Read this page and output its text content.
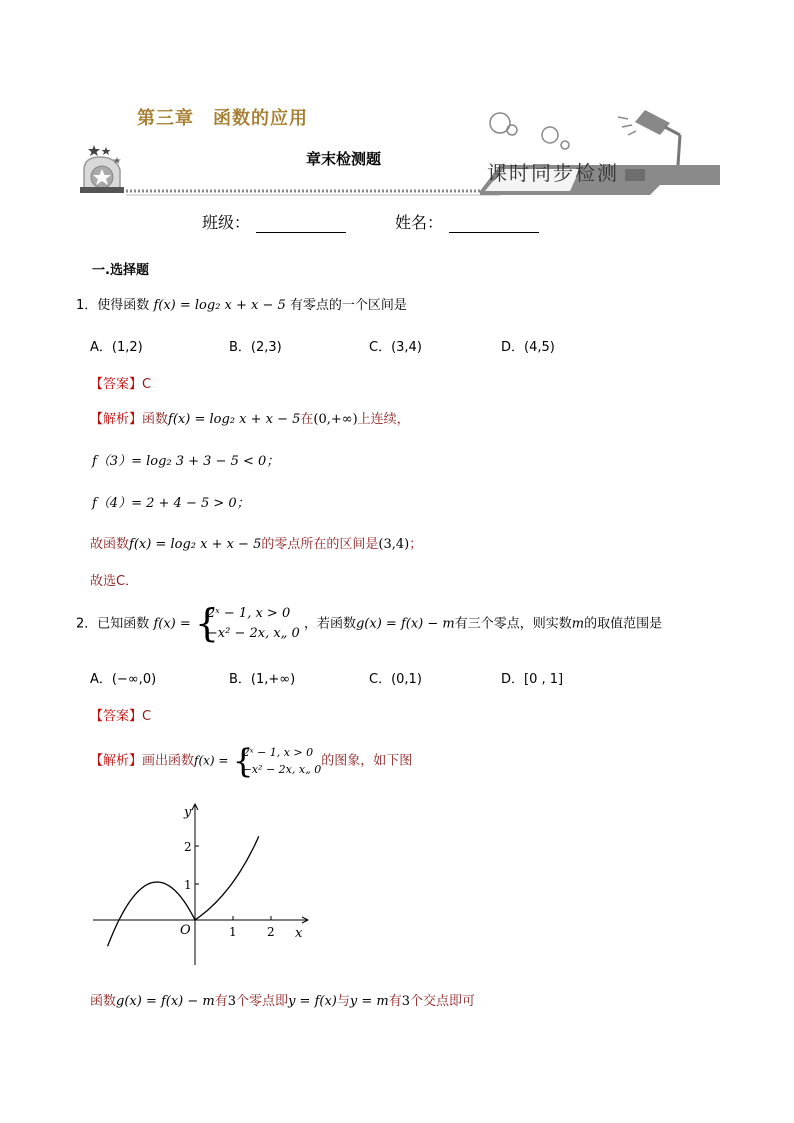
第三章　函数的应用
章末检测题
课时同步检测
班级：	姓名：
一.选择题
1．使得函数 f(x) = log₂ x + x − 5 有零点的一个区间是
A．(1,2)	B．(2,3)	C．(3,4)	D．(4,5)
【答案】C
【解析】函数f(x) = log₂ x + x − 5在(0,+∞)上连续，
f（3）= log₂ 3 + 3 − 5 < 0；
f（4）= 2 + 4 − 5 > 0；
故函数f(x) = log₂ x + x − 5的零点所在的区间是(3,4)；
故选C．
2．已知函数 f(x) = {
2ˣ − 1, x > 0
−x² − 2x, x„ 0
，若函数g(x) = f(x) − m有三个零点，则实数m的取值范围是
A．(−∞,0)	B．(1,+∞)	C．(0,1)	D．[0 , 1]
【答案】C
【解析】画出函数f(x) = {
2ˣ − 1, x > 0
−x² − 2x, x„ 0
的图象，如下图
y
x
O
2
1
1	2
函数g(x) = f(x) − m有3个零点即y = f(x)与y = m有3个交点即可
